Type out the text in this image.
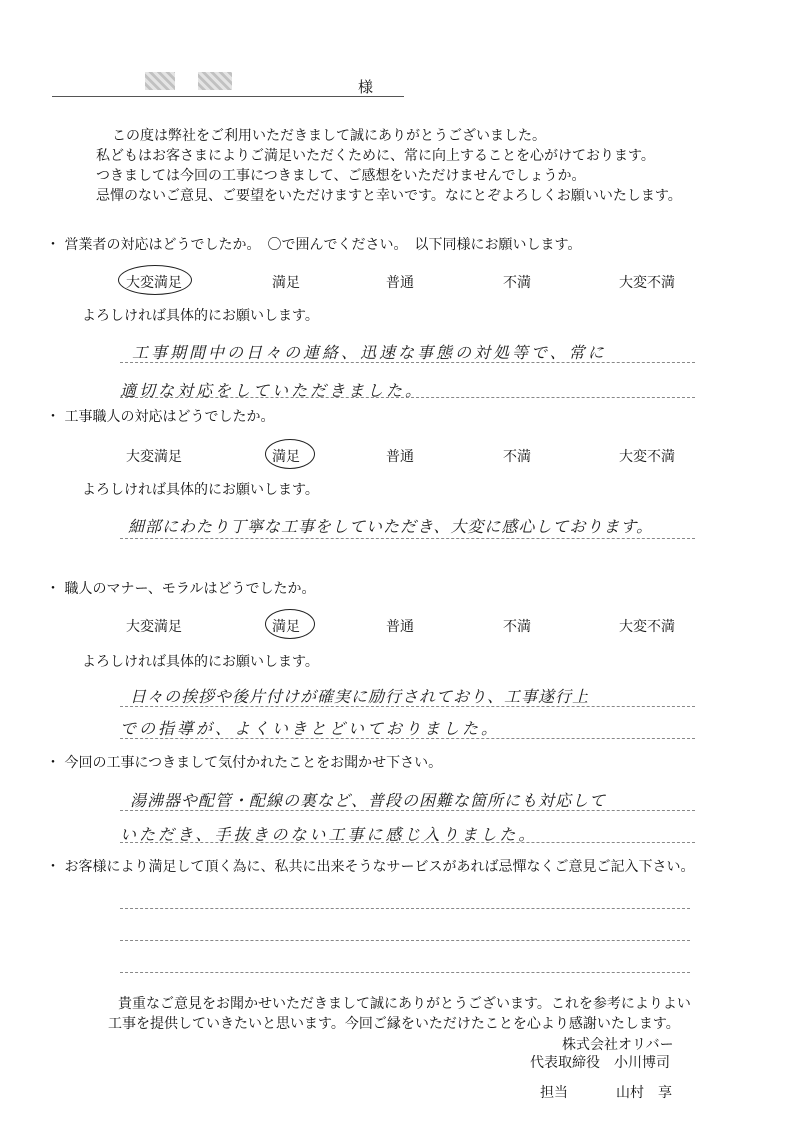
様
この度は弊社をご利用いただきまして誠にありがとうございました。
私どもはお客さまによりご満足いただくために、常に向上することを心がけております。
つきましては今回の工事につきまして、ご感想をいただけませんでしょうか。
忌憚のないご意見、ご要望をいただけますと幸いです。なにとぞよろしくお願いいたします。
・ 営業者の対応はどうでしたか。　〇で囲んでください。　以下同様にお願いします。
大変満足	満足	普通	不満	大変不満
よろしければ具体的にお願いします。
工事期間中の日々の連絡、迅速な事態の対処等で、常に
適切な対応をしていただきました。
・ 工事職人の対応はどうでしたか。
大変満足	満足	普通	不満	大変不満
よろしければ具体的にお願いします。
細部にわたり丁寧な工事をしていただき、大変に感心しております。
・ 職人のマナー、モラルはどうでしたか。
大変満足	満足	普通	不満	大変不満
よろしければ具体的にお願いします。
日々の挨拶や後片付けが確実に励行されており、工事遂行上
での指導が、よくいきとどいておりました。
・ 今回の工事につきまして気付かれたことをお聞かせ下さい。
湯沸器や配管・配線の裏など、普段の困難な箇所にも対応して
いただき、手抜きのない工事に感じ入りました。
・ お客様により満足して頂く為に、私共に出来そうなサービスがあれば忌憚なくご意見ご記入下さい。
貴重なご意見をお聞かせいただきまして誠にありがとうございます。これを参考によりよい
工事を提供していきたいと思います。今回ご縁をいただけたことを心より感謝いたします。
株式会社オリバー
代表取締役　小川博司
担当	山村　享
